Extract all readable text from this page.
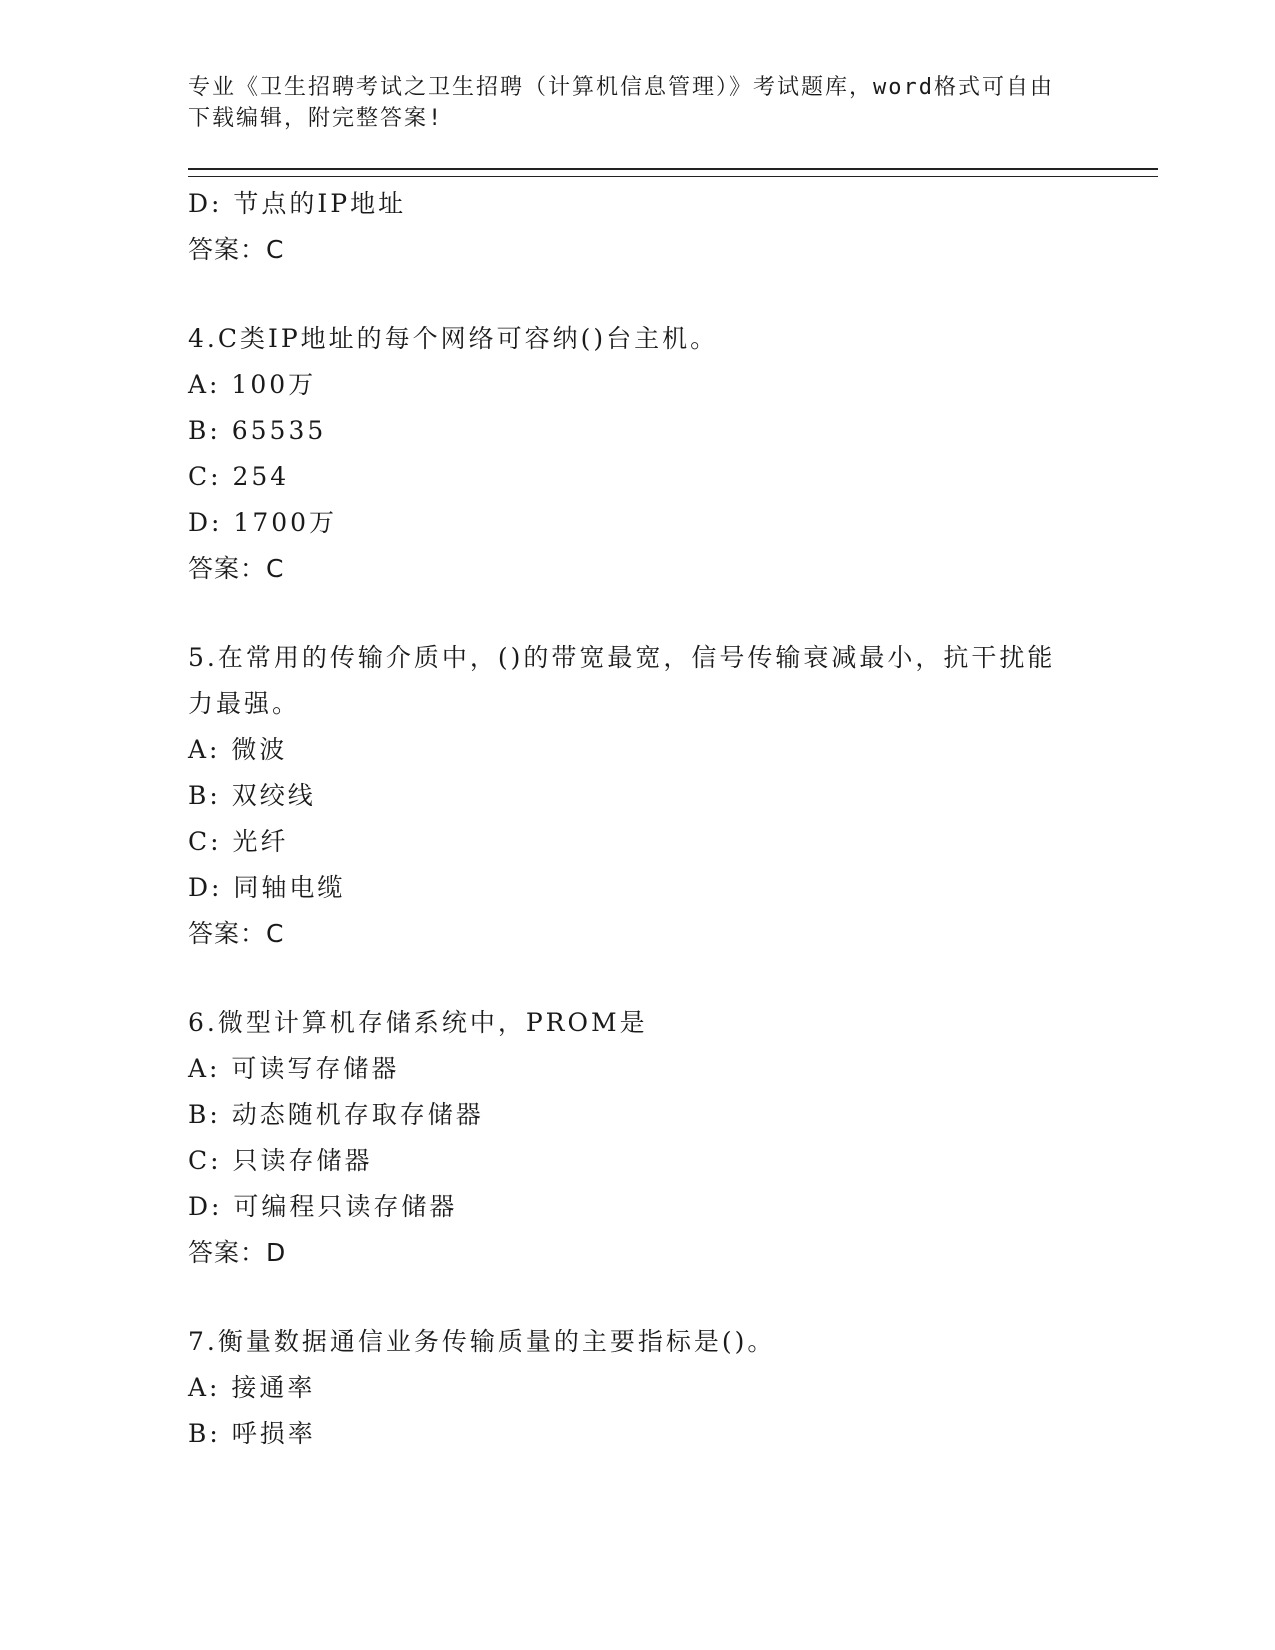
专业《卫生招聘考试之卫生招聘（计算机信息管理）》考试题库，word格式可自由下载编辑，附完整答案!
D: 节点的IP地址
答案：C
4.C类IP地址的每个网络可容纳()台主机。
A: 100万
B: 65535
C: 254
D: 1700万
答案：C
5.在常用的传输介质中，()的带宽最宽，信号传输衰减最小，抗干扰能力最强。
A: 微波
B: 双绞线
C: 光纤
D: 同轴电缆
答案：C
6.微型计算机存储系统中，PROM是
A: 可读写存储器
B: 动态随机存取存储器
C: 只读存储器
D: 可编程只读存储器
答案：D
7.衡量数据通信业务传输质量的主要指标是()。
A: 接通率
B: 呼损率
